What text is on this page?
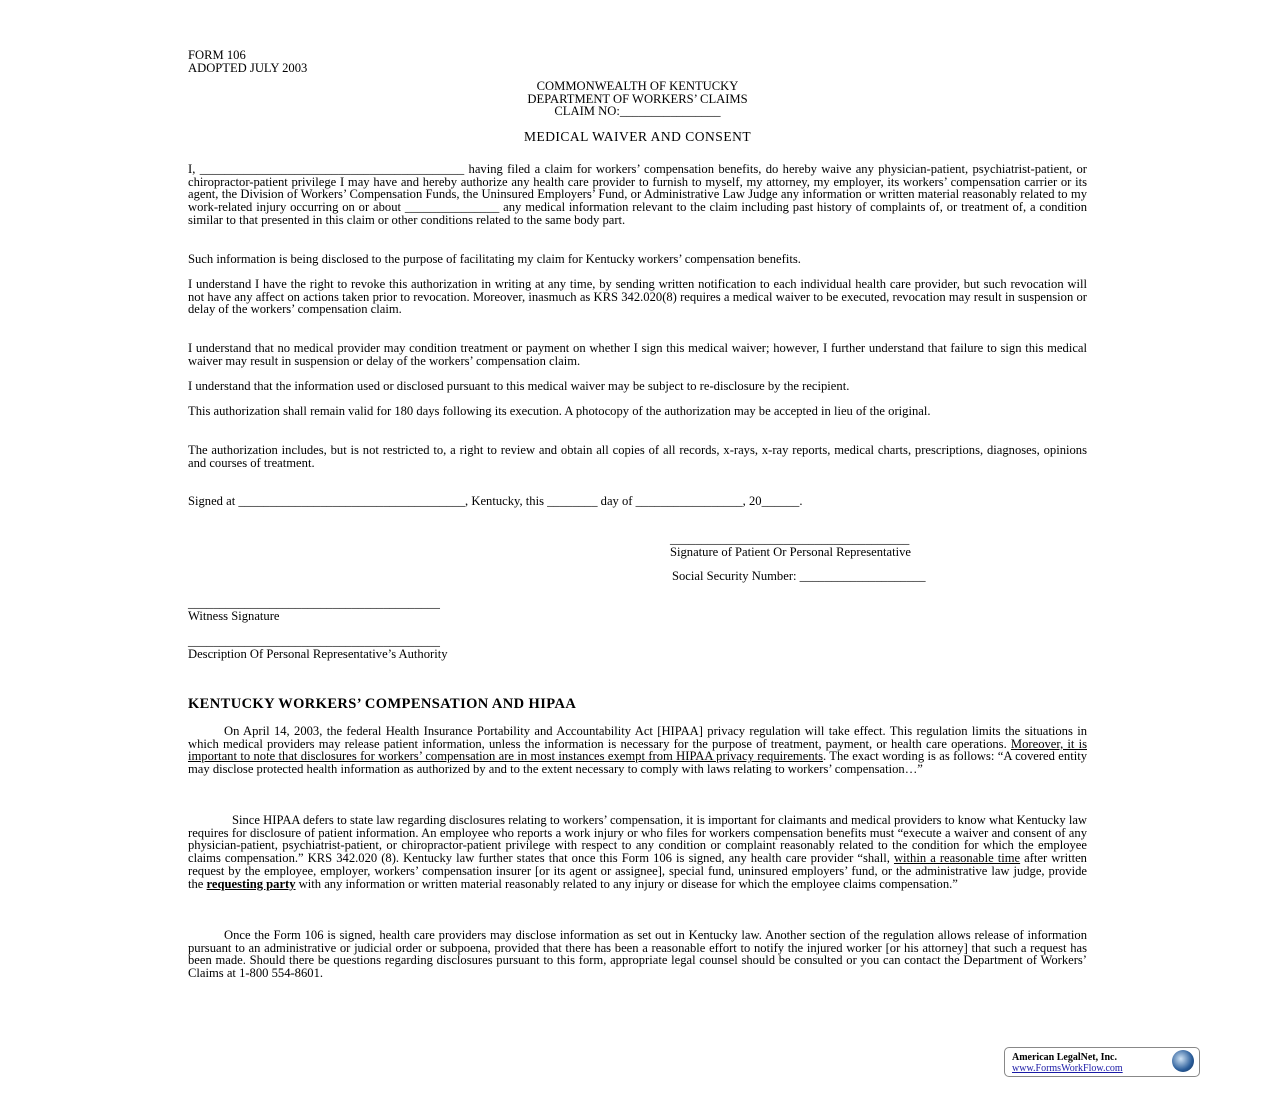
FORM 106
ADOPTED JULY 2003
COMMONWEALTH OF KENTUCKY
DEPARTMENT OF WORKERS’ CLAIMS
CLAIM NO:________________
MEDICAL WAIVER AND CONSENT
I, __________________________________________ having filed a claim for workers’ compensation benefits, do hereby waive any physician-patient, psychiatrist-patient, or chiropractor-patient privilege I may have and hereby authorize any health care provider to furnish to myself, my attorney, my employer, its workers’ compensation carrier or its agent, the Division of Workers’ Compensation Funds, the Uninsured Employers’ Fund, or Administrative Law Judge any information or written material reasonably related to my work-related injury occurring on or about _______________ any medical information relevant to the claim including past history of complaints of, or treatment of, a condition similar to that presented in this claim or other conditions related to the same body part.
Such information is being disclosed to the purpose of facilitating my claim for Kentucky workers’ compensation benefits.
I understand I have the right to revoke this authorization in writing at any time, by sending written notification to each individual health care provider, but such revocation will not have any affect on actions taken prior to revocation. Moreover, inasmuch as KRS 342.020(8) requires a medical waiver to be executed, revocation may result in suspension or delay of the workers’ compensation claim.
I understand that no medical provider may condition treatment or payment on whether I sign this medical waiver; however, I further understand that failure to sign this medical waiver may result in suspension or delay of the workers’ compensation claim.
I understand that the information used or disclosed pursuant to this medical waiver may be subject to re-disclosure by the recipient.
This authorization shall remain valid for 180 days following its execution. A photocopy of the authorization may be accepted in lieu of the original.
The authorization includes, but is not restricted to, a right to review and obtain all copies of all records, x-rays, x-ray reports, medical charts, prescriptions, diagnoses, opinions and courses of treatment.
Signed at ____________________________________, Kentucky, this ________ day of _________________, 20______.
______________________________________
Signature of Patient Or Personal Representative
Social Security Number: ____________________
________________________________________
Witness Signature
________________________________________
Description Of Personal Representative’s Authority
KENTUCKY WORKERS’ COMPENSATION AND HIPAA
On April 14, 2003, the federal Health Insurance Portability and Accountability Act [HIPAA] privacy regulation will take effect. This regulation limits the situations in which medical providers may release patient information, unless the information is necessary for the purpose of treatment, payment, or health care operations. Moreover, it is important to note that disclosures for workers’ compensation are in most instances exempt from HIPAA privacy requirements. The exact wording is as follows: “A covered entity may disclose protected health information as authorized by and to the extent necessary to comply with laws relating to workers’ compensation…”
Since HIPAA defers to state law regarding disclosures relating to workers’ compensation, it is important for claimants and medical providers to know what Kentucky law requires for disclosure of patient information. An employee who reports a work injury or who files for workers compensation benefits must “execute a waiver and consent of any physician-patient, psychiatrist-patient, or chiropractor-patient privilege with respect to any condition or complaint reasonably related to the condition for which the employee claims compensation.” KRS 342.020 (8). Kentucky law further states that once this Form 106 is signed, any health care provider “shall, within a reasonable time after written request by the employee, employer, workers’ compensation insurer [or its agent or assignee], special fund, uninsured employers’ fund, or the administrative law judge, provide the requesting party with any information or written material reasonably related to any injury or disease for which the employee claims compensation.”
Once the Form 106 is signed, health care providers may disclose information as set out in Kentucky law. Another section of the regulation allows release of information pursuant to an administrative or judicial order or subpoena, provided that there has been a reasonable effort to notify the injured worker [or his attorney] that such a request has been made. Should there be questions regarding disclosures pursuant to this form, appropriate legal counsel should be consulted or you can contact the Department of Workers’ Claims at 1-800 554-8601.
American LegalNet, Inc.
www.FormsWorkFlow.com
